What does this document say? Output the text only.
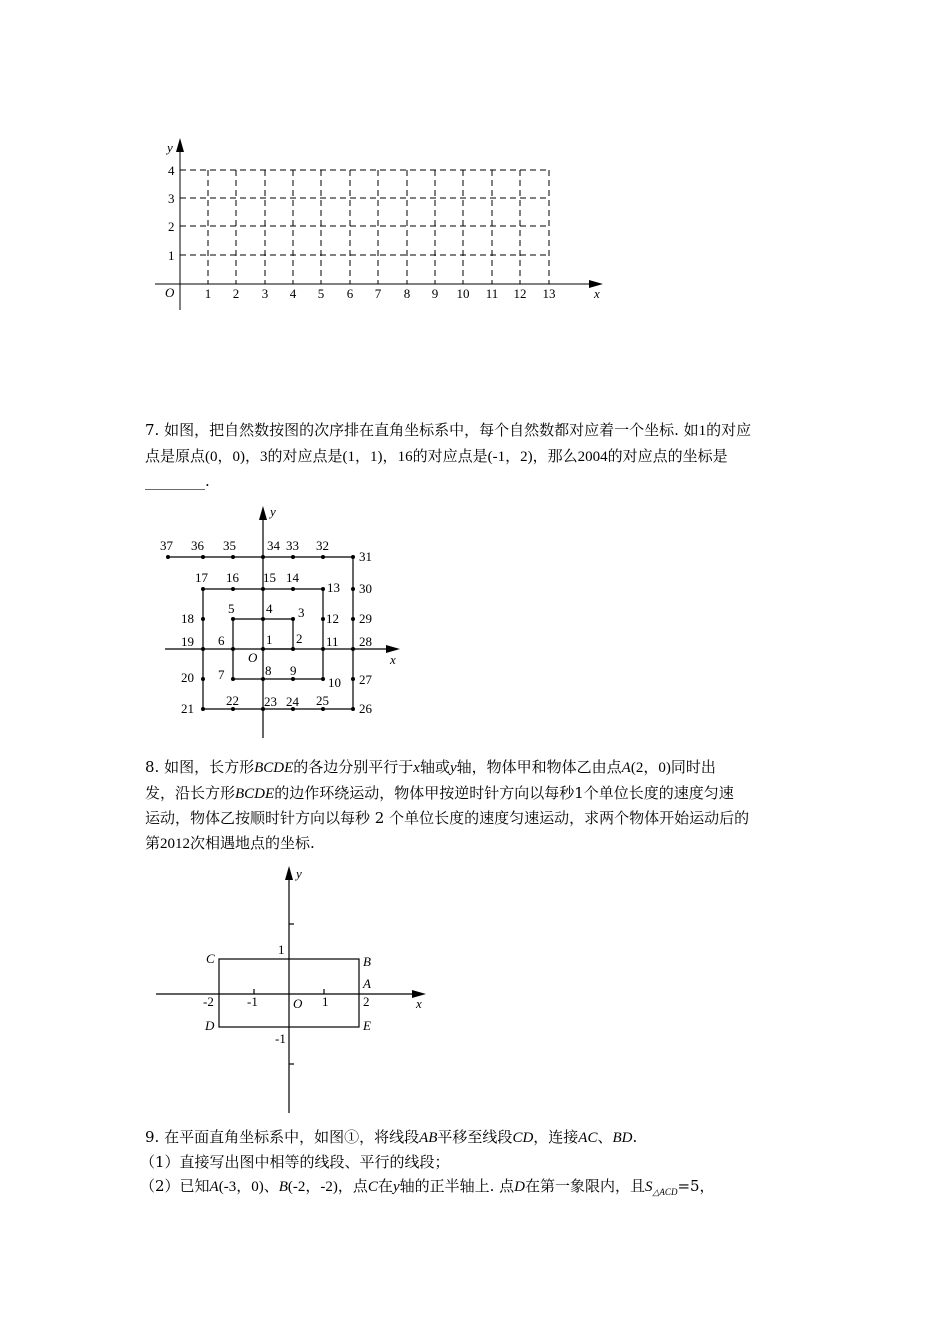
y
x
O
4
3
2
1
1 2 3 4 5 6 7 8 9 10 11 12 13
7. 如图，把自然数按图的次序排在直角坐标系中，每个自然数都对应着一个坐标. 如1的对应
点是原点(0，0)，3的对应点是(1，1)，16的对应点是(-1，2)，那么2004的对应点的坐标是
________.
y
x
O
1 2
3
4
5
6
7	8 9
10
11
12
13
14
15
16
17
18
19
20
21
22 23 24 25
26
27
28
29
30
31
32
33
34
35
36
37
8. 如图，长方形BCDE的各边分别平行于x轴或y轴，物体甲和物体乙由点A(2，0)同时出
发，沿长方形BCDE的边作环绕运动，物体甲按逆时针方向以每秒1个单位长度的速度匀速
运动，物体乙按顺时针方向以每秒 2 个单位长度的速度匀速运动，求两个物体开始运动后的
第2012次相遇地点的坐标.
y
x
O
-2	-1	1	2
1
-1
C	B
A
D	E
9. 在平面直角坐标系中，如图①，将线段AB平移至线段CD，连接AC、BD.
（1）直接写出图中相等的线段、平行的线段；
（2）已知A(-3，0)、B(-2，-2)，点C在y轴的正半轴上. 点D在第一象限内，且$S_{\triangle ACD}=5$，
